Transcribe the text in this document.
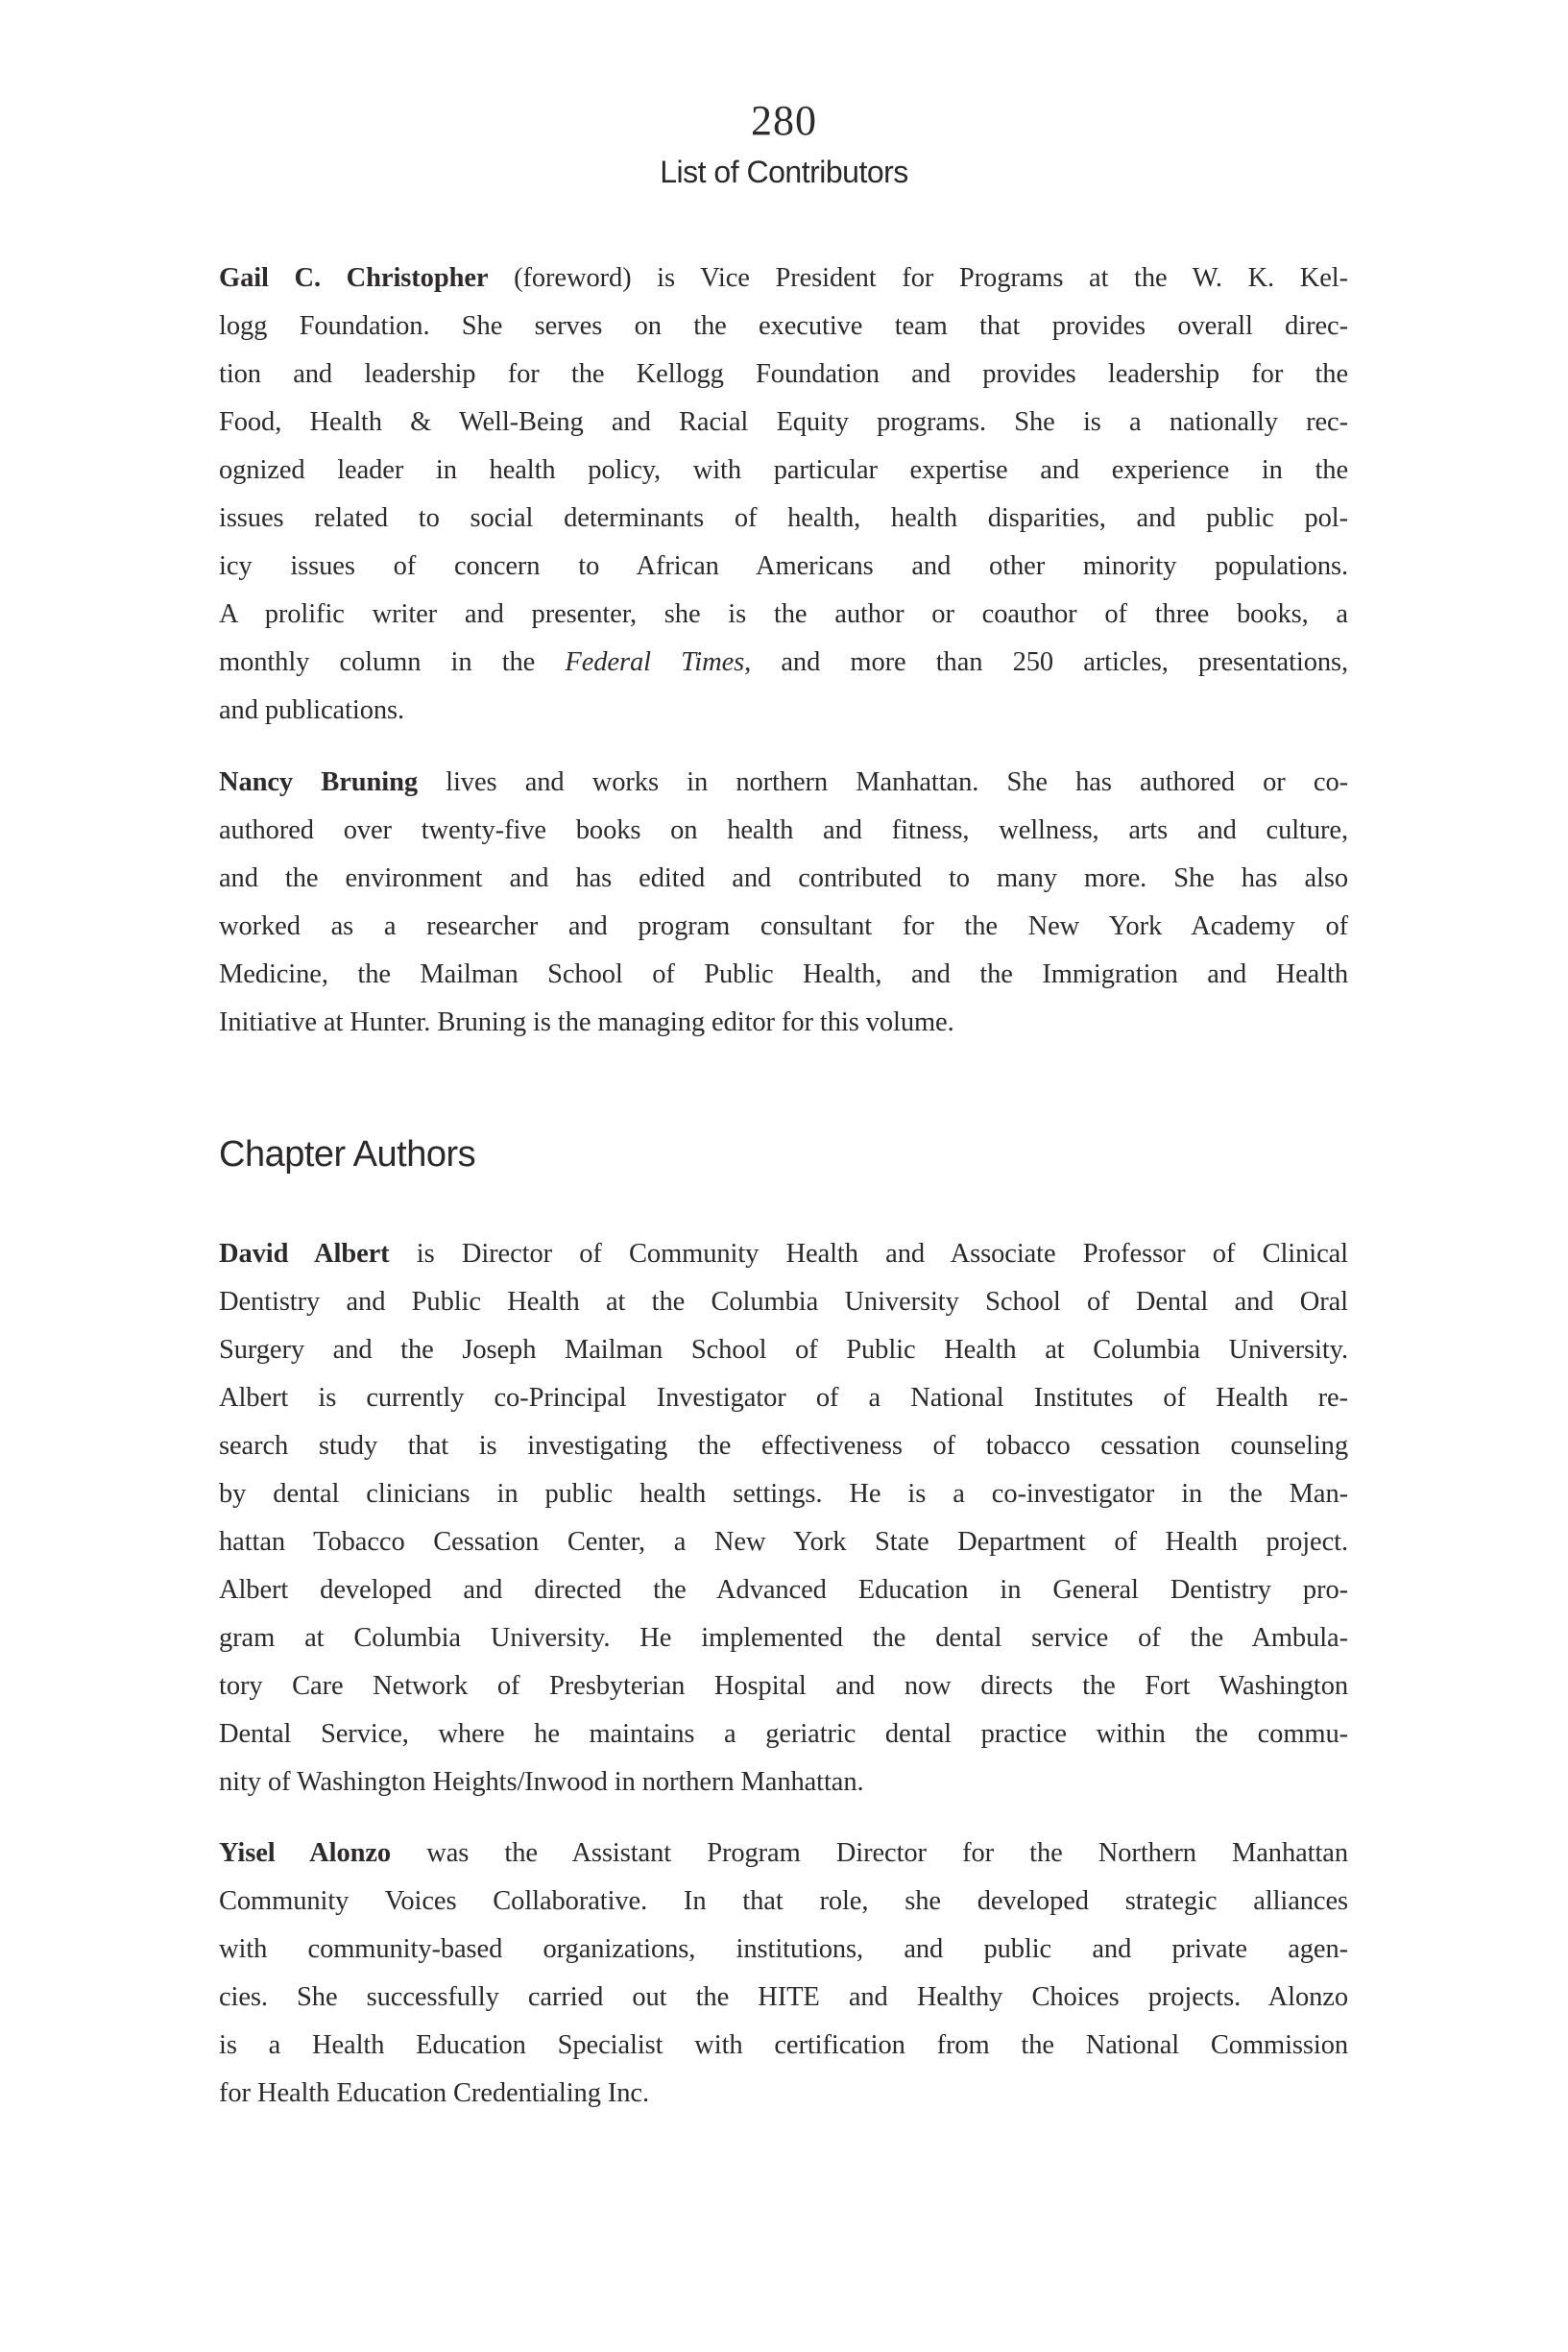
280
List of Contributors
Gail C. Christopher (foreword) is Vice President for Programs at the W. K. Kel-
logg Foundation. She serves on the executive team that provides overall direc-
tion and leadership for the Kellogg Foundation and provides leadership for the
Food, Health & Well-Being and Racial Equity programs. She is a nationally rec-
ognized leader in health policy, with particular expertise and experience in the
issues related to social determinants of health, health disparities, and public pol-
icy issues of concern to African Americans and other minority populations.
A prolific writer and presenter, she is the author or coauthor of three books, a
monthly column in the Federal Times, and more than 250 articles, presentations,
and publications.
Nancy Bruning lives and works in northern Manhattan. She has authored or co-
authored over twenty-five books on health and fitness, wellness, arts and culture,
and the environment and has edited and contributed to many more. She has also
worked as a researcher and program consultant for the New York Academy of
Medicine, the Mailman School of Public Health, and the Immigration and Health
Initiative at Hunter. Bruning is the managing editor for this volume.
Chapter Authors
David Albert is Director of Community Health and Associate Professor of Clinical
Dentistry and Public Health at the Columbia University School of Dental and Oral
Surgery and the Joseph Mailman School of Public Health at Columbia University.
Albert is currently co-Principal Investigator of a National Institutes of Health re-
search study that is investigating the effectiveness of tobacco cessation counseling
by dental clinicians in public health settings. He is a co-investigator in the Man-
hattan Tobacco Cessation Center, a New York State Department of Health project.
Albert developed and directed the Advanced Education in General Dentistry pro-
gram at Columbia University. He implemented the dental service of the Ambula-
tory Care Network of Presbyterian Hospital and now directs the Fort Washington
Dental Service, where he maintains a geriatric dental practice within the commu-
nity of Washington Heights/Inwood in northern Manhattan.
Yisel Alonzo was the Assistant Program Director for the Northern Manhattan
Community Voices Collaborative. In that role, she developed strategic alliances
with community-based organizations, institutions, and public and private agen-
cies. She successfully carried out the HITE and Healthy Choices projects. Alonzo
is a Health Education Specialist with certification from the National Commission
for Health Education Credentialing Inc.
